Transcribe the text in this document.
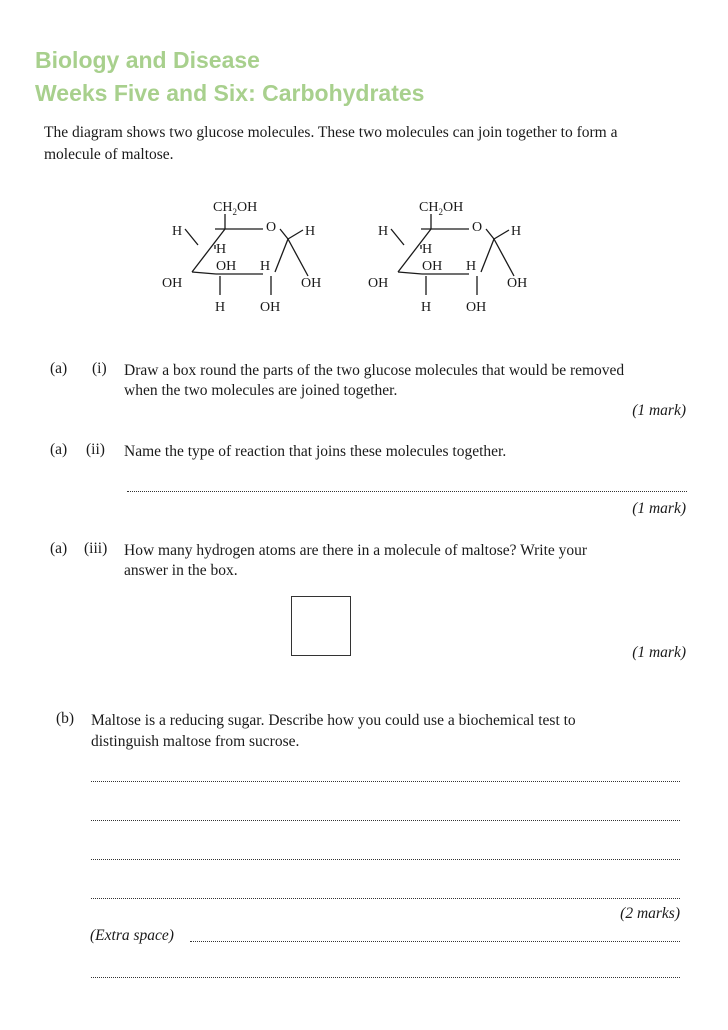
Biology and Disease
Weeks Five and Six: Carbohydrates
The diagram shows two glucose molecules. These two molecules can join together to form a
molecule of maltose.
$CH_2OH$
H	O H
H
OH H
OH	OH
H OH
$CH_2OH$
H	O H
H
OH H
OH	OH
H OH
(a) (i) Draw a box round the parts of the two glucose molecules that would be removed
when the two molecules are joined together.
(1 mark)
(a) (ii) Name the type of reaction that joins these molecules together.
(1 mark)
(a) (iii) How many hydrogen atoms are there in a molecule of maltose? Write your
answer in the box.
(1 mark)
(b) Maltose is a reducing sugar. Describe how you could use a biochemical test to
distinguish maltose from sucrose.
(2 marks)
(Extra space)
